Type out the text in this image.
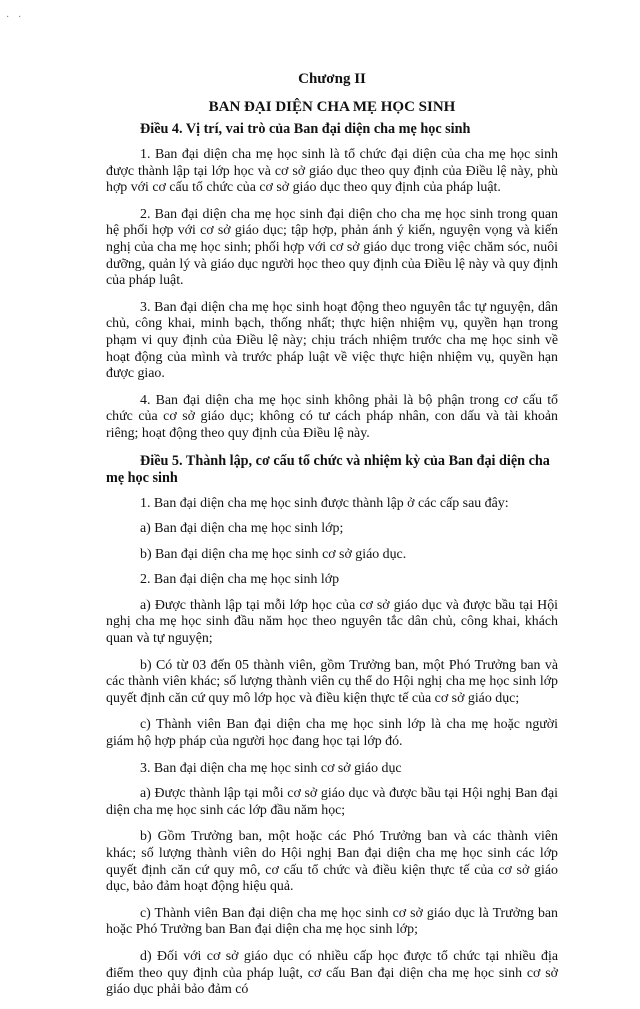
· ·

Chương II

BAN ĐẠI DIỆN CHA MẸ HỌC SINH

Điều 4. Vị trí, vai trò của Ban đại diện cha mẹ học sinh

1. Ban đại diện cha mẹ học sinh là tổ chức đại diện của cha mẹ học sinh được thành lập tại lớp học và cơ sở giáo dục theo quy định của Điều lệ này, phù hợp với cơ cấu tổ chức của cơ sở giáo dục theo quy định của pháp luật.

2. Ban đại diện cha mẹ học sinh đại diện cho cha mẹ học sinh trong quan hệ phối hợp với cơ sở giáo dục; tập hợp, phản ánh ý kiến, nguyện vọng và kiến nghị của cha mẹ học sinh; phối hợp với cơ sở giáo dục trong việc chăm sóc, nuôi dưỡng, quản lý và giáo dục người học theo quy định của Điều lệ này và quy định của pháp luật.

3. Ban đại diện cha mẹ học sinh hoạt động theo nguyên tắc tự nguyện, dân chủ, công khai, minh bạch, thống nhất; thực hiện nhiệm vụ, quyền hạn trong phạm vi quy định của Điều lệ này; chịu trách nhiệm trước cha mẹ học sinh về hoạt động của mình và trước pháp luật về việc thực hiện nhiệm vụ, quyền hạn được giao.

4. Ban đại diện cha mẹ học sinh không phải là bộ phận trong cơ cấu tổ chức của cơ sở giáo dục; không có tư cách pháp nhân, con dấu và tài khoản riêng; hoạt động theo quy định của Điều lệ này.

Điều 5. Thành lập, cơ cấu tổ chức và nhiệm kỳ của Ban đại diện cha mẹ học sinh

1. Ban đại diện cha mẹ học sinh được thành lập ở các cấp sau đây:

a) Ban đại diện cha mẹ học sinh lớp;

b) Ban đại diện cha mẹ học sinh cơ sở giáo dục.

2. Ban đại diện cha mẹ học sinh lớp

a) Được thành lập tại mỗi lớp học của cơ sở giáo dục và được bầu tại Hội nghị cha mẹ học sinh đầu năm học theo nguyên tắc dân chủ, công khai, khách quan và tự nguyện;

b) Có từ 03 đến 05 thành viên, gồm Trưởng ban, một Phó Trưởng ban và các thành viên khác; số lượng thành viên cụ thể do Hội nghị cha mẹ học sinh lớp quyết định căn cứ quy mô lớp học và điều kiện thực tế của cơ sở giáo dục;

c) Thành viên Ban đại diện cha mẹ học sinh lớp là cha mẹ hoặc người giám hộ hợp pháp của người học đang học tại lớp đó.

3. Ban đại diện cha mẹ học sinh cơ sở giáo dục

a) Được thành lập tại mỗi cơ sở giáo dục và được bầu tại Hội nghị Ban đại diện cha mẹ học sinh các lớp đầu năm học;

b) Gồm Trưởng ban, một hoặc các Phó Trưởng ban và các thành viên khác; số lượng thành viên do Hội nghị Ban đại diện cha mẹ học sinh các lớp quyết định căn cứ quy mô, cơ cấu tổ chức và điều kiện thực tế của cơ sở giáo dục, bảo đảm hoạt động hiệu quả.

c) Thành viên Ban đại diện cha mẹ học sinh cơ sở giáo dục là Trưởng ban hoặc Phó Trưởng ban Ban đại diện cha mẹ học sinh lớp;

d) Đối với cơ sở giáo dục có nhiều cấp học được tổ chức tại nhiều địa điểm theo quy định của pháp luật, cơ cấu Ban đại diện cha mẹ học sinh cơ sở giáo dục phải bảo đảm có
